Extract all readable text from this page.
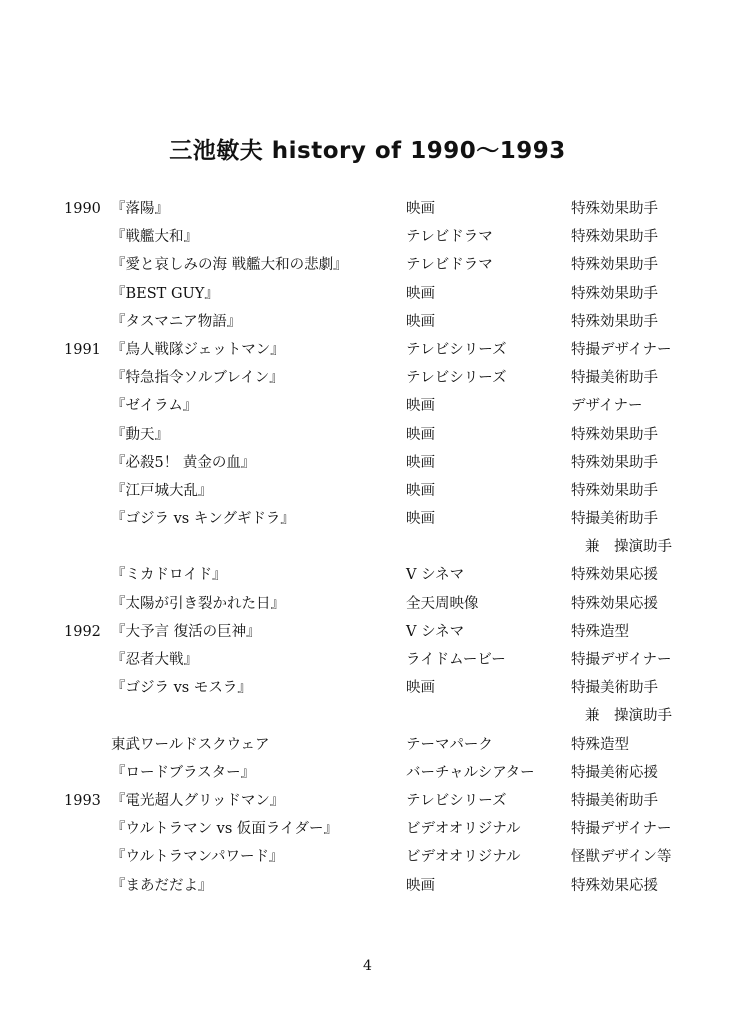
三池敏夫 history of 1990〜1993
1990 『落陽』	映画	特殊効果助手
『戦艦大和』	テレビドラマ	特殊効果助手
『愛と哀しみの海 戦艦大和の悲劇』	テレビドラマ	特殊効果助手
『BEST GUY』	映画	特殊効果助手
『タスマニア物語』	映画	特殊効果助手
1991 『鳥人戦隊ジェットマン』	テレビシリーズ	特撮デザイナー
『特急指令ソルブレイン』	テレビシリーズ	特撮美術助手
『ゼイラム』	映画	デザイナー
『動天』	映画	特殊効果助手
『必殺5！ 黄金の血』	映画	特殊効果助手
『江戸城大乱』	映画	特殊効果助手
『ゴジラ vs キングギドラ』	映画	特撮美術助手
兼　操演助手
『ミカドロイド』	V シネマ	特殊効果応援
『太陽が引き裂かれた日』	全天周映像	特殊効果応援
1992 『大予言 復活の巨神』	V シネマ	特殊造型
『忍者大戦』	ライドムービー	特撮デザイナー
『ゴジラ vs モスラ』	映画	特撮美術助手
兼　操演助手
東武ワールドスクウェア	テーマパーク	特殊造型
『ロードブラスター』	バーチャルシアター	特撮美術応援
1993 『電光超人グリッドマン』	テレビシリーズ	特撮美術助手
『ウルトラマン vs 仮面ライダー』	ビデオオリジナル	特撮デザイナー
『ウルトラマンパワード』	ビデオオリジナル	怪獣デザイン等
『まあだだよ』	映画	特殊効果応援
4
